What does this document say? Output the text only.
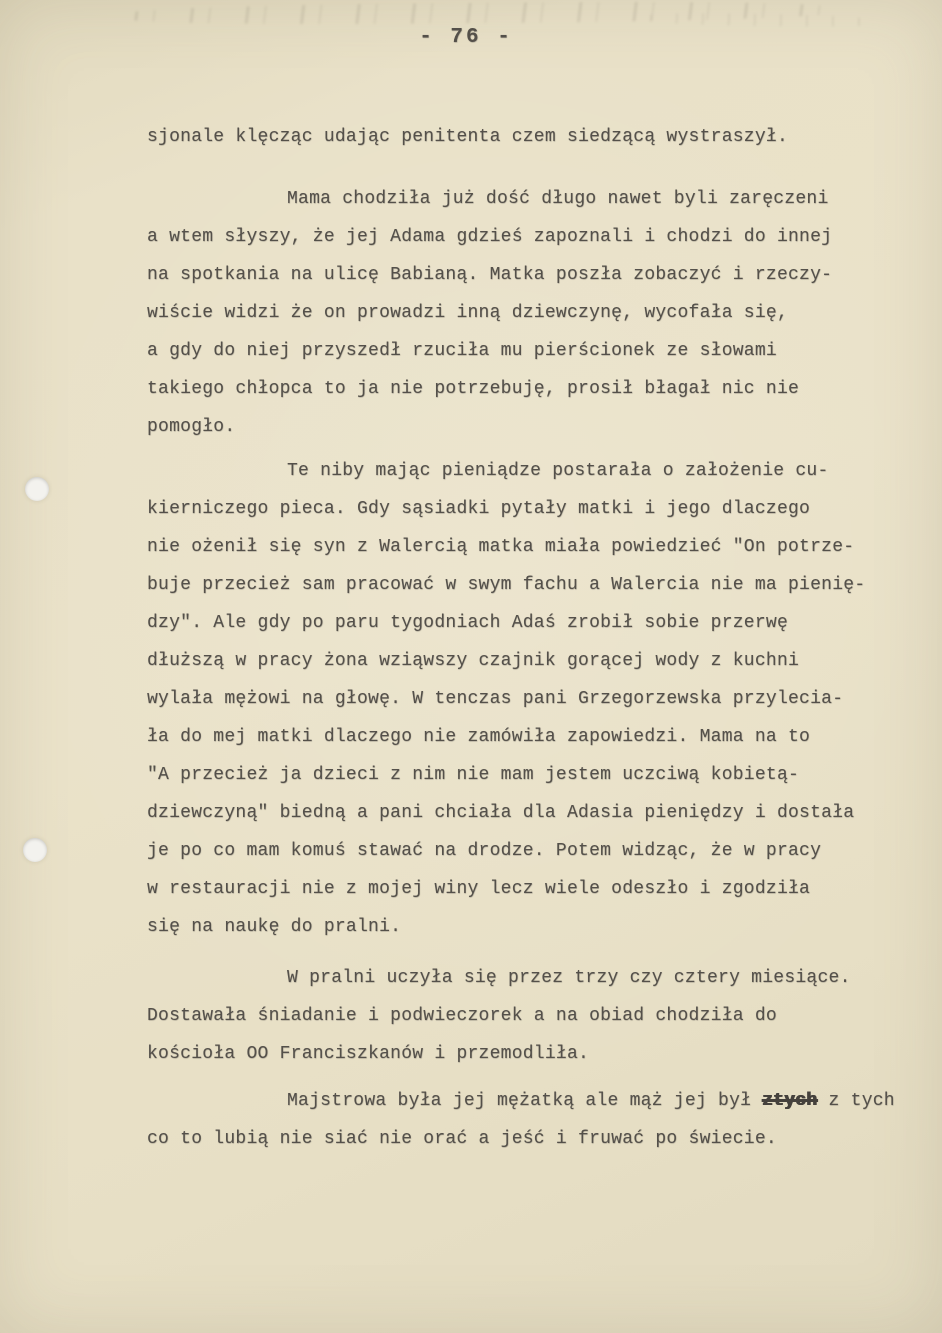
- 76 -
sjonale klęcząc udając penitenta czem siedzącą wystraszył.
Mama chodziła już dość długo nawet byli zaręczeni
a wtem słyszy, że jej Adama gdzieś zapoznali i chodzi do innej
na spotkania na ulicę Babianą. Matka poszła zobaczyć i rzeczy-
wiście widzi że on prowadzi inną dziewczynę, wycofała się,
a gdy do niej przyszedł rzuciła mu pierścionek ze słowami
takiego chłopca to ja nie potrzebuję, prosił błagał nic nie
pomogło.
Te niby mając pieniądze postarała o założenie cu-
kierniczego pieca. Gdy sąsiadki pytały matki i jego dlaczego
nie ożenił się syn z Walercią matka miała powiedzieć "On potrze-
buje przecież sam pracować w swym fachu a Walercia nie ma pienię-
dzy". Ale gdy po paru tygodniach Adaś zrobił sobie przerwę
dłuższą w pracy żona wziąwszy czajnik gorącej wody z kuchni
wylała mężowi na głowę. W tenczas pani Grzegorzewska przylecia-
ła do mej matki dlaczego nie zamówiła zapowiedzi. Mama na to
"A przecież ja dzieci z nim nie mam jestem uczciwą kobietą-
dziewczyną" biedną a pani chciała dla Adasia pieniędzy i dostała
je po co mam komuś stawać na drodze. Potem widząc, że w pracy
w restauracji nie z mojej winy lecz wiele odeszło i zgodziła
się na naukę do pralni.
W pralni uczyła się przez trzy czy cztery miesiące.
Dostawała śniadanie i podwieczorek a na obiad chodziła do
kościoła OO Franciszkanów i przemodliła.
Majstrowa była jej mężatką ale mąż jej był ztych z tych
co to lubią nie siać nie orać a jeść i fruwać po świecie.
